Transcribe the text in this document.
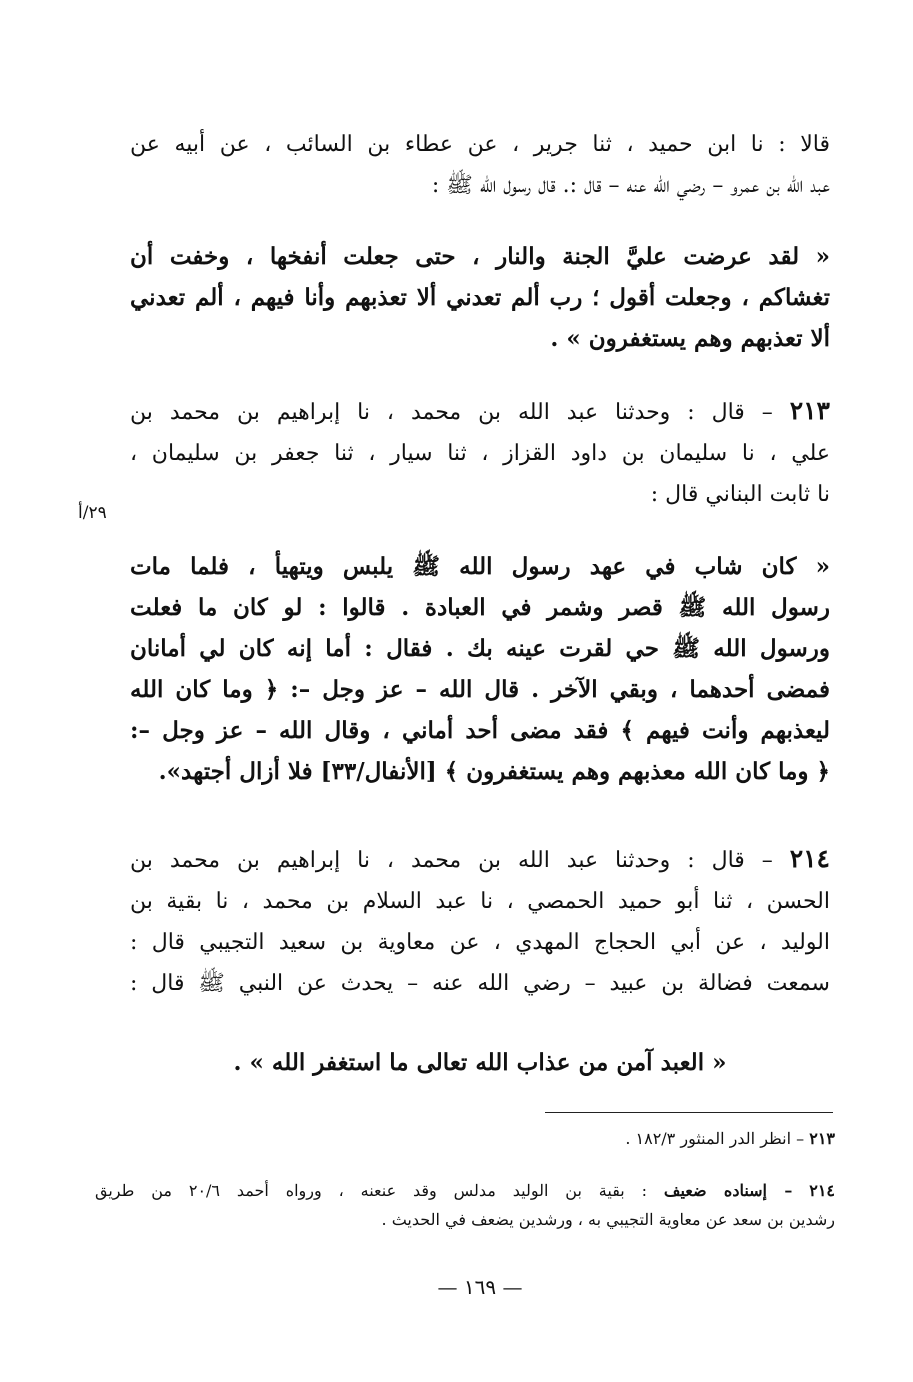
قالا : نا ابن حميد ، ثنا جرير ، عن عطاء بن السائب ، عن أبيه عن
عبد الله بن عمرو – رضي الله عنه – قال :. قال رسول الله ﷺ :
« لقد عرضت عليَّ الجنة والنار ، حتى جعلت أنفخها ، وخفت أن
تغشاكم ، وجعلت أقول ؛ رب ألم تعدني ألا تعذبهم وأنا فيهم ، ألم تعدني
ألا تعذبهم وهم يستغفرون » .
٢١٣ – قال : وحدثنا عبد الله بن محمد ، نا إبراهيم بن محمد بن
علي ، نا سليمان بن داود القزاز ، ثنا سيار ، ثنا جعفر بن سليمان ،
نا ثابت البناني قال :
٢٩/أ
« كان شاب في عهد رسول الله ﷺ يلبس ويتهيأ ، فلما مات
رسول الله ﷺ قصر وشمر في العبادة . قالوا : لو كان ما فعلت
ورسول الله ﷺ حي لقرت عينه بك . فقال : أما إنه كان لي أمانان
فمضى أحدهما ، وبقي الآخر . قال الله – عز وجل –: ﴿ وما كان الله
ليعذبهم وأنت فيهم ﴾ فقد مضى أحد أماني ، وقال الله – عز وجل –:
﴿ وما كان الله معذبهم وهم يستغفرون ﴾ [الأنفال/٣٣] فلا أزال أجتهد».
٢١٤ – قال : وحدثنا عبد الله بن محمد ، نا إبراهيم بن محمد بن
الحسن ، ثنا أبو حميد الحمصي ، نا عبد السلام بن محمد ، نا بقية بن
الوليد ، عن أبي الحجاج المهدي ، عن معاوية بن سعيد التجيبي قال :
سمعت فضالة بن عبيد – رضي الله عنه – يحدث عن النبي ﷺ قال :
« العبد آمن من عذاب الله تعالى ما استغفر الله » .
٢١٣ – انظر الدر المنثور ١٨٢/٣ .
٢١٤ – إسناده ضعيف : بقية بن الوليد مدلس وقد عنعنه ، ورواه أحمد ٢٠/٦ من طريق
رشدين بن سعد عن معاوية التجيبي به ، ورشدين يضعف في الحديث .
— ١٦٩ —
